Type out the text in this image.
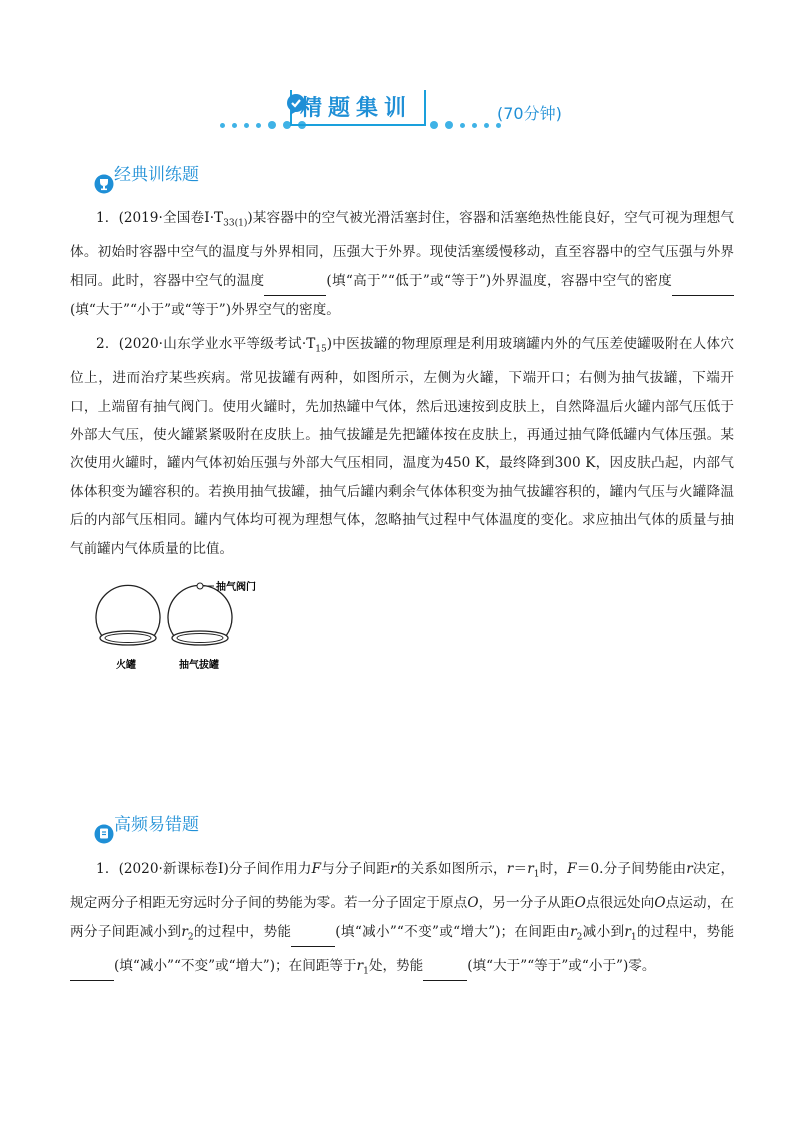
精题集训	(70分钟)
经典训练题
1．(2019·全国卷$Ⅰ\cdot T_{33(1)}$)某容器中的空气被光滑活塞封住，容器和活塞绝热性能良好，空气可视为理想气体。初始时容器中空气的温度与外界相同，压强大于外界。现使活塞缓慢移动，直至容器中的空气压强与外界相同。此时，容器中空气的温度	(填“高于”“低于”或“等于”)外界温度，容器中空气的密度 (填“大于”“小于”或“等于”)外界空气的密度。
2．(2020·山东学业水平等级考试$\cdot T_{15}$)中医拔罐的物理原理是利用玻璃罐内外的气压差使罐吸附在人体穴位上，进而治疗某些疾病。常见拔罐有两种，如图所示，左侧为火罐，下端开口；右侧为抽气拔罐，下端开口，上端留有抽气阀门。使用火罐时，先加热罐中气体，然后迅速按到皮肤上，自然降温后火罐内部气压低于外部大气压，使火罐紧紧吸附在皮肤上。抽气拔罐是先把罐体按在皮肤上，再通过抽气降低罐内气体压强。某次使用火罐时，罐内气体初始压强与外部大气压相同，温度为450 K，最终降到300 K，因皮肤凸起，内部气体体积变为罐容积的。若换用抽气拔罐，抽气后罐内剩余气体体积变为抽气拔罐容积的，罐内气压与火罐降温后的内部气压相同。罐内气体均可视为理想气体，忽略抽气过程中气体温度的变化。求应抽出气体的质量与抽气前罐内气体质量的比值。
抽气阀门
火罐	抽气拔罐
高频易错题
1．(2020·新课标卷Ⅰ)分子间作用力F与分子间距r的关系如图所示，$r=r_1$时，F＝0.分子间势能由r决定，规定两分子相距无穷远时分子间的势能为零。若一分子固定于原点O，另一分子从距O点很远处向O点运动，在两分子间距减小到$r_2$的过程中，势能	(填“减小”“不变”或“增大”)；在间距由$r_2$减小到$r_1$的过程中，势能 (填“减小”“不变”或“增大”)；在间距等于$r_1$处，势能	(填“大于”“等于”或“小于”)零。
